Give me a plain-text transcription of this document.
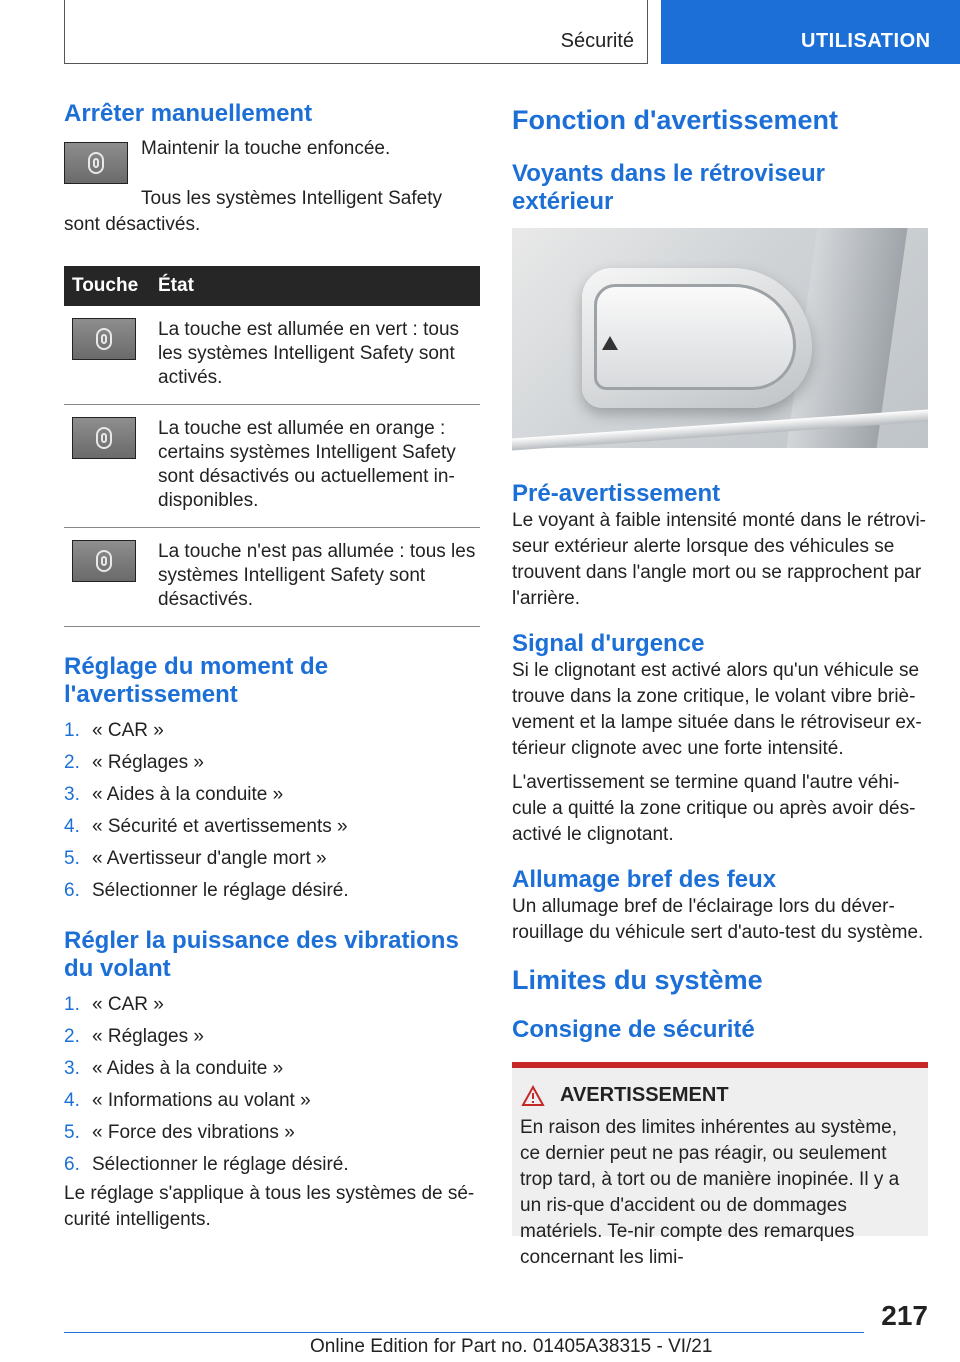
Sécurité	UTILISATION
Arrêter manuellement

Maintenir la touche enfoncée.

Tous les systèmes Intelligent Safety sont désactivés.

Touche	État

	La touche est allumée en vert : tous les systèmes Intelligent Safety sont activés.

	La touche est allumée en orange : certains systèmes Intelligent Safety sont désactivés ou actuellement in-disponibles.

	La touche n'est pas allumée : tous les systèmes Intelligent Safety sont désactivés.
Réglage du moment de l'avertissement
1. « CAR »
2. « Réglages »
3. « Aides à la conduite »
4. « Sécurité et avertissements »
5. « Avertisseur d'angle mort »
6. Sélectionner le réglage désiré.
Régler la puissance des vibrations du volant
1. « CAR »
2. « Réglages »
3. « Aides à la conduite »
4. « Informations au volant »
5. « Force des vibrations »
6. Sélectionner le réglage désiré.

Le réglage s'applique à tous les systèmes de sé-curité intelligents.

Fonction d'avertissement
Voyants dans le rétroviseur extérieur
Pré-avertissement

Le voyant à faible intensité monté dans le rétrovi-seur extérieur alerte lorsque des véhicules se trouvent dans l'angle mort ou se rapprochent par l'arrière.

Signal d'urgence

Si le clignotant est activé alors qu'un véhicule se trouve dans la zone critique, le volant vibre briè-vement et la lampe située dans le rétroviseur ex-térieur clignote avec une forte intensité.

L'avertissement se termine quand l'autre véhi-cule a quitté la zone critique ou après avoir dés-activé le clignotant.

Allumage bref des feux

Un allumage bref de l'éclairage lors du déver-rouillage du véhicule sert d'auto-test du système.

Limites du système
Consigne de sécurité
AVERTISSEMENT

En raison des limites inhérentes au système, ce dernier peut ne pas réagir, ou seulement trop tard, à tort ou de manière inopinée. Il y a un ris-que d'accident ou de dommages matériels. Te-nir compte des remarques concernant les limi-

217
Online Edition for Part no. 01405A38315 - VI/21
